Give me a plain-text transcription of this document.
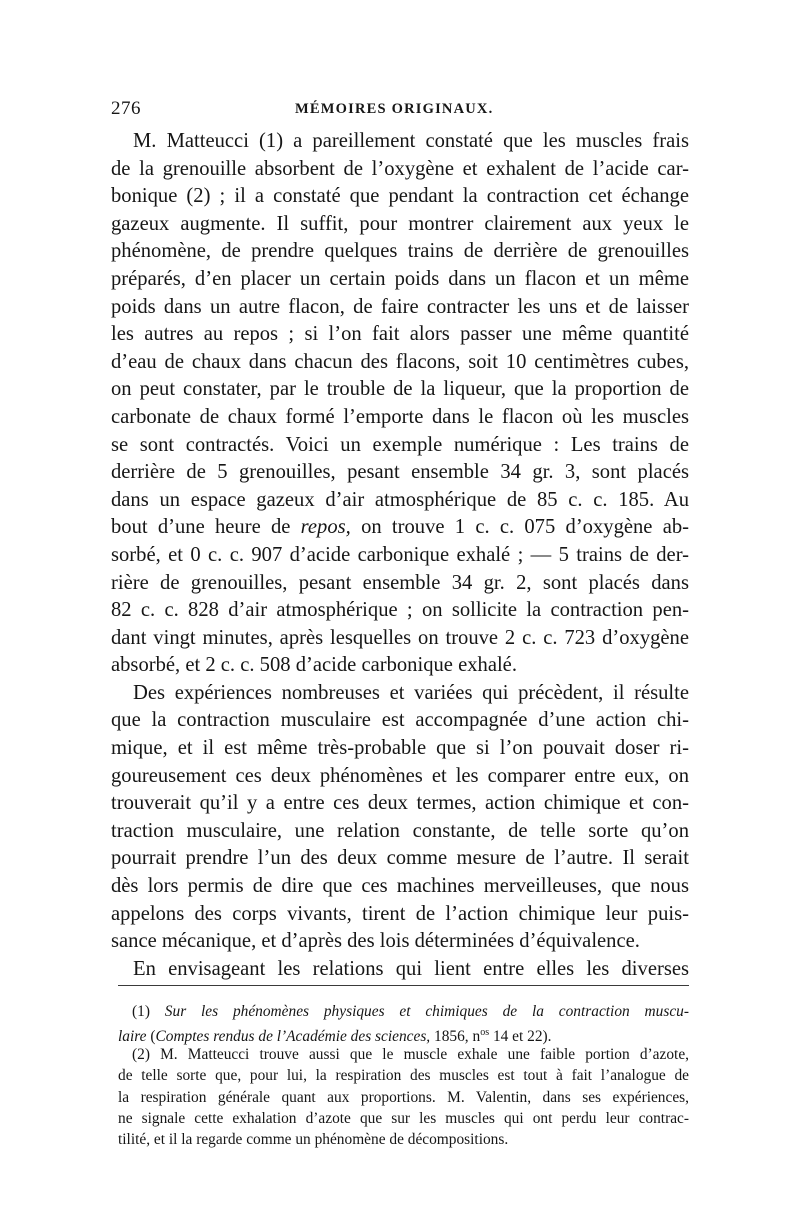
276	MÉMOIRES ORIGINAUX.
M. Matteucci (1) a pareillement constaté que les muscles frais
de la grenouille absorbent de l’oxygène et exhalent de l’acide car-
bonique (2) ; il a constaté que pendant la contraction cet échange
gazeux augmente. Il suffit, pour montrer clairement aux yeux le
phénomène, de prendre quelques trains de derrière de grenouilles
préparés, d’en placer un certain poids dans un flacon et un même
poids dans un autre flacon, de faire contracter les uns et de laisser
les autres au repos ; si l’on fait alors passer une même quantité
d’eau de chaux dans chacun des flacons, soit 10 centimètres cubes,
on peut constater, par le trouble de la liqueur, que la proportion de
carbonate de chaux formé l’emporte dans le flacon où les muscles
se sont contractés. Voici un exemple numérique : Les trains de
derrière de 5 grenouilles, pesant ensemble 34 gr. 3, sont placés
dans un espace gazeux d’air atmosphérique de 85 c. c. 185. Au
bout d’une heure de repos, on trouve 1 c. c. 075 d’oxygène ab-
sorbé, et 0 c. c. 907 d’acide carbonique exhalé ; — 5 trains de der-
rière de grenouilles, pesant ensemble 34 gr. 2, sont placés dans
82 c. c. 828 d’air atmosphérique ; on sollicite la contraction pen-
dant vingt minutes, après lesquelles on trouve 2 c. c. 723 d’oxygène
absorbé, et 2 c. c. 508 d’acide carbonique exhalé.
Des expériences nombreuses et variées qui précèdent, il résulte
que la contraction musculaire est accompagnée d’une action chi-
mique, et il est même très-probable que si l’on pouvait doser ri-
goureusement ces deux phénomènes et les comparer entre eux, on
trouverait qu’il y a entre ces deux termes, action chimique et con-
traction musculaire, une relation constante, de telle sorte qu’on
pourrait prendre l’un des deux comme mesure de l’autre. Il serait
dès lors permis de dire que ces machines merveilleuses, que nous
appelons des corps vivants, tirent de l’action chimique leur puis-
sance mécanique, et d’après des lois déterminées d’équivalence.
En envisageant les relations qui lient entre elles les diverses
(1) Sur les phénomènes physiques et chimiques de la contraction muscu-
laire (Comptes rendus de l’Académie des sciences, 1856, $n^{os}$ 14 et 22).
(2) M. Matteucci trouve aussi que le muscle exhale une faible portion d’azote,
de telle sorte que, pour lui, la respiration des muscles est tout à fait l’analogue de
la respiration générale quant aux proportions. M. Valentin, dans ses expériences,
ne signale cette exhalation d’azote que sur les muscles qui ont perdu leur contrac-
tilité, et il la regarde comme un phénomène de décompositions.
